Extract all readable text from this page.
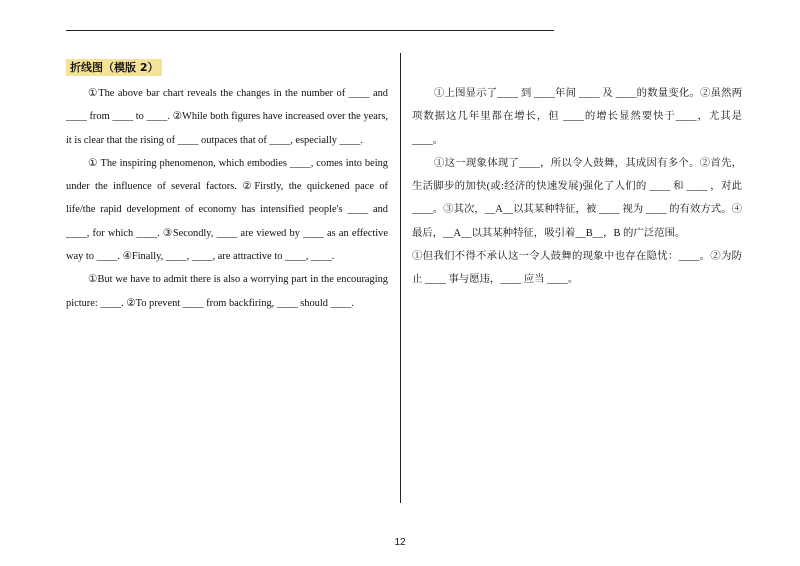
折线图（模版 2）
①The above bar chart reveals the changes in the number of ____ and ____ from ____ to ____. ②While both figures have increased over the years, it is clear that the rising of ____ outpaces that of ____, especially ____.
① The inspiring phenomenon, which embodies ____, comes into being under the influence of several factors. ②Firstly, the quickened pace of life/the rapid development of economy has intensified people's ____ and ____, for which ____. ③Secondly, ____ are viewed by ____ as an effective way to ____. ④Finally, ____, ____, are attractive to ____, ____.
①But we have to admit there is also a worrying part in the encouraging picture: ____. ②To prevent ____ from backfiring, ____ should ____.
①上图显示了____ 到 ____年间 ____ 及 ____的数量变化。②虽然两项数据这几年里都在增长，但 ____的增长显然要快于____，尤其是 ____。
①这一现象体现了____，所以令人鼓舞，其成因有多个。②首先，生活脚步的加快(或:经济的快速发展)强化了人们的 ____ 和 ____ ，对此 ____。③其次，__A__以其某种特征，被 ____ 视为 ____ 的有效方式。④最后，__A__以其某种特征，吸引着__B__，B 的广泛范围。
①但我们不得不承认这一令人鼓舞的现象中也存在隐忧：____。②为防止 ____ 事与愿违，____ 应当 ____。
12
